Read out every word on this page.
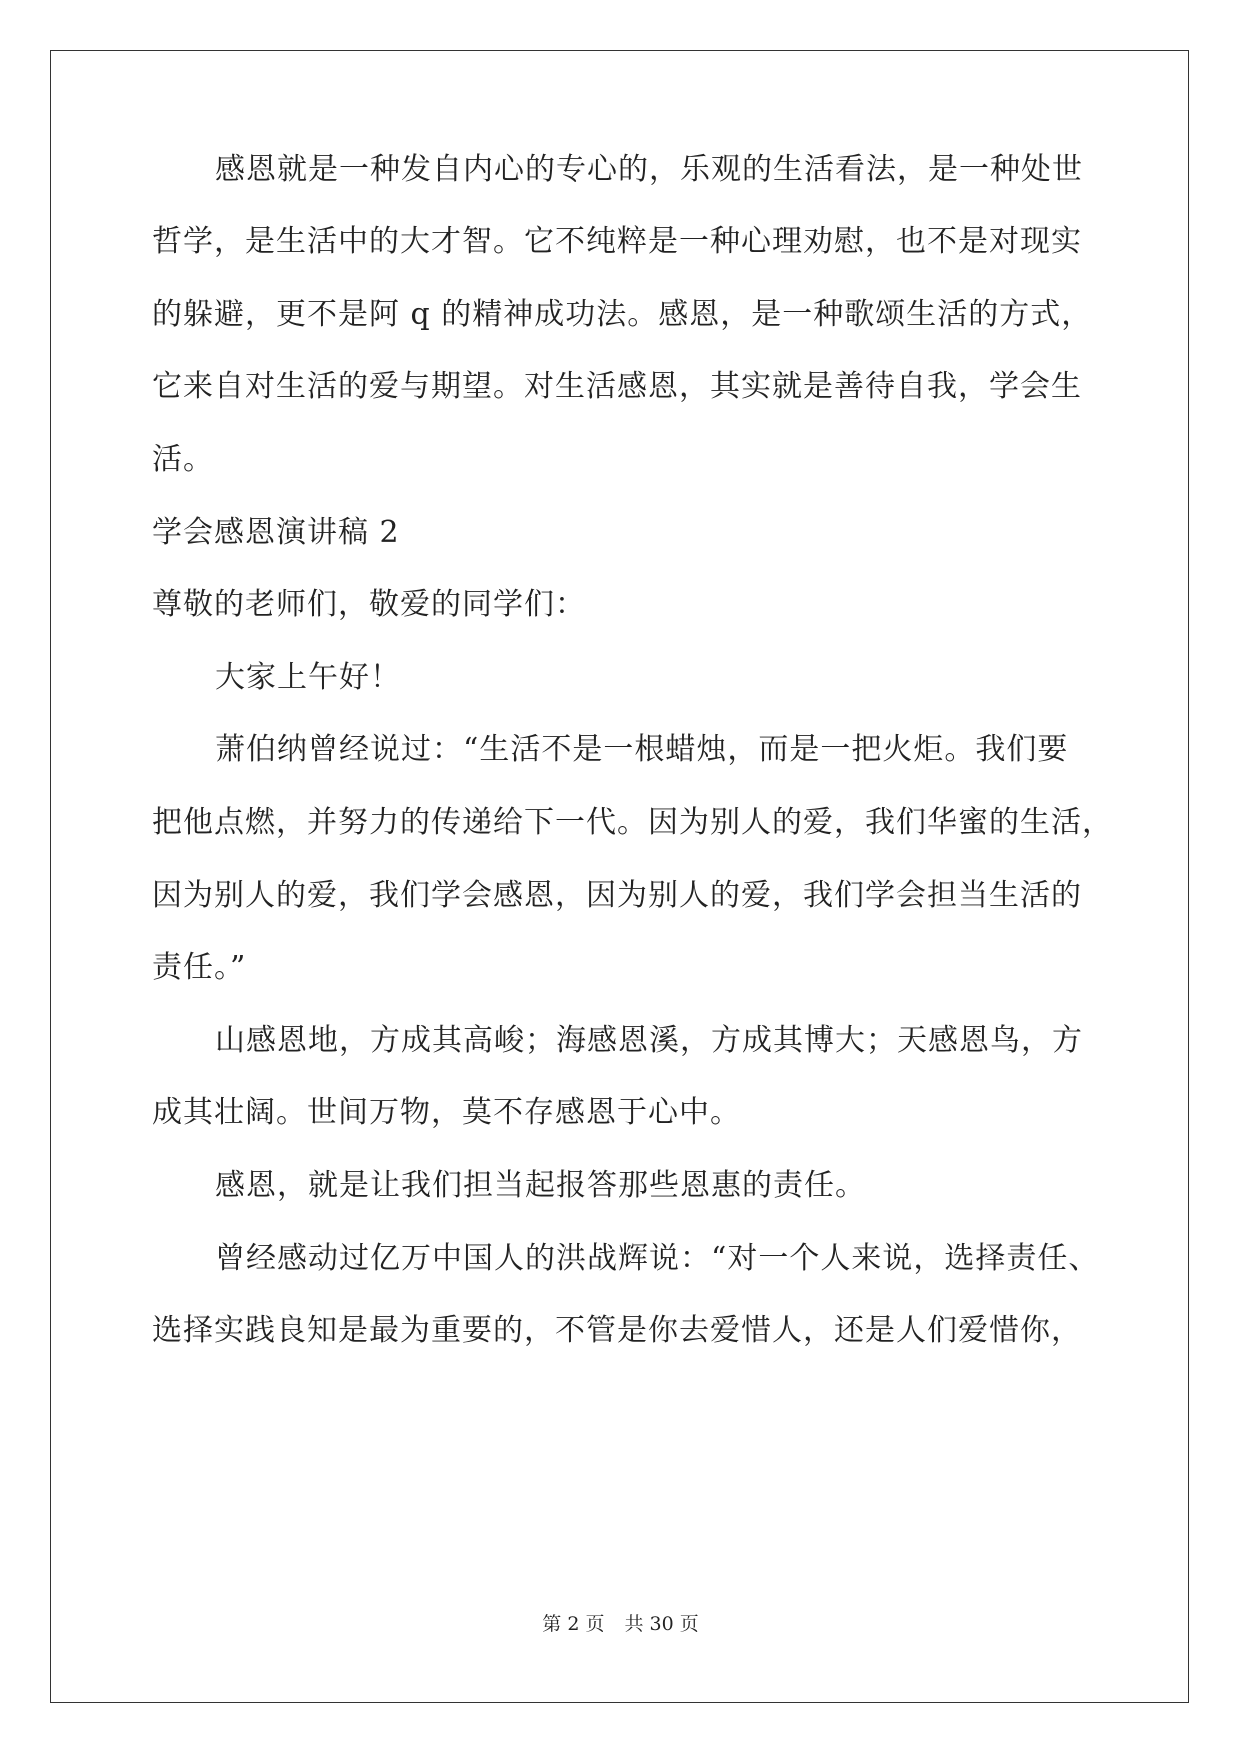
感恩就是一种发自内心的专心的，乐观的生活看法，是一种处世
哲学，是生活中的大才智。它不纯粹是一种心理劝慰，也不是对现实
的躲避，更不是阿 q 的精神成功法。感恩，是一种歌颂生活的方式，
它来自对生活的爱与期望。对生活感恩，其实就是善待自我，学会生
活。
学会感恩演讲稿 2
尊敬的老师们，敬爱的同学们：
大家上午好！
萧伯纳曾经说过：“生活不是一根蜡烛，而是一把火炬。我们要
把他点燃，并努力的传递给下一代。因为别人的爱，我们华蜜的生活，
因为别人的爱，我们学会感恩，因为别人的爱，我们学会担当生活的
责任。”
山感恩地，方成其高峻；海感恩溪，方成其博大；天感恩鸟，方
成其壮阔。世间万物，莫不存感恩于心中。
感恩，就是让我们担当起报答那些恩惠的责任。
曾经感动过亿万中国人的洪战辉说：“对一个人来说，选择责任、
选择实践良知是最为重要的，不管是你去爱惜人，还是人们爱惜你，
第 2 页 共 30 页
